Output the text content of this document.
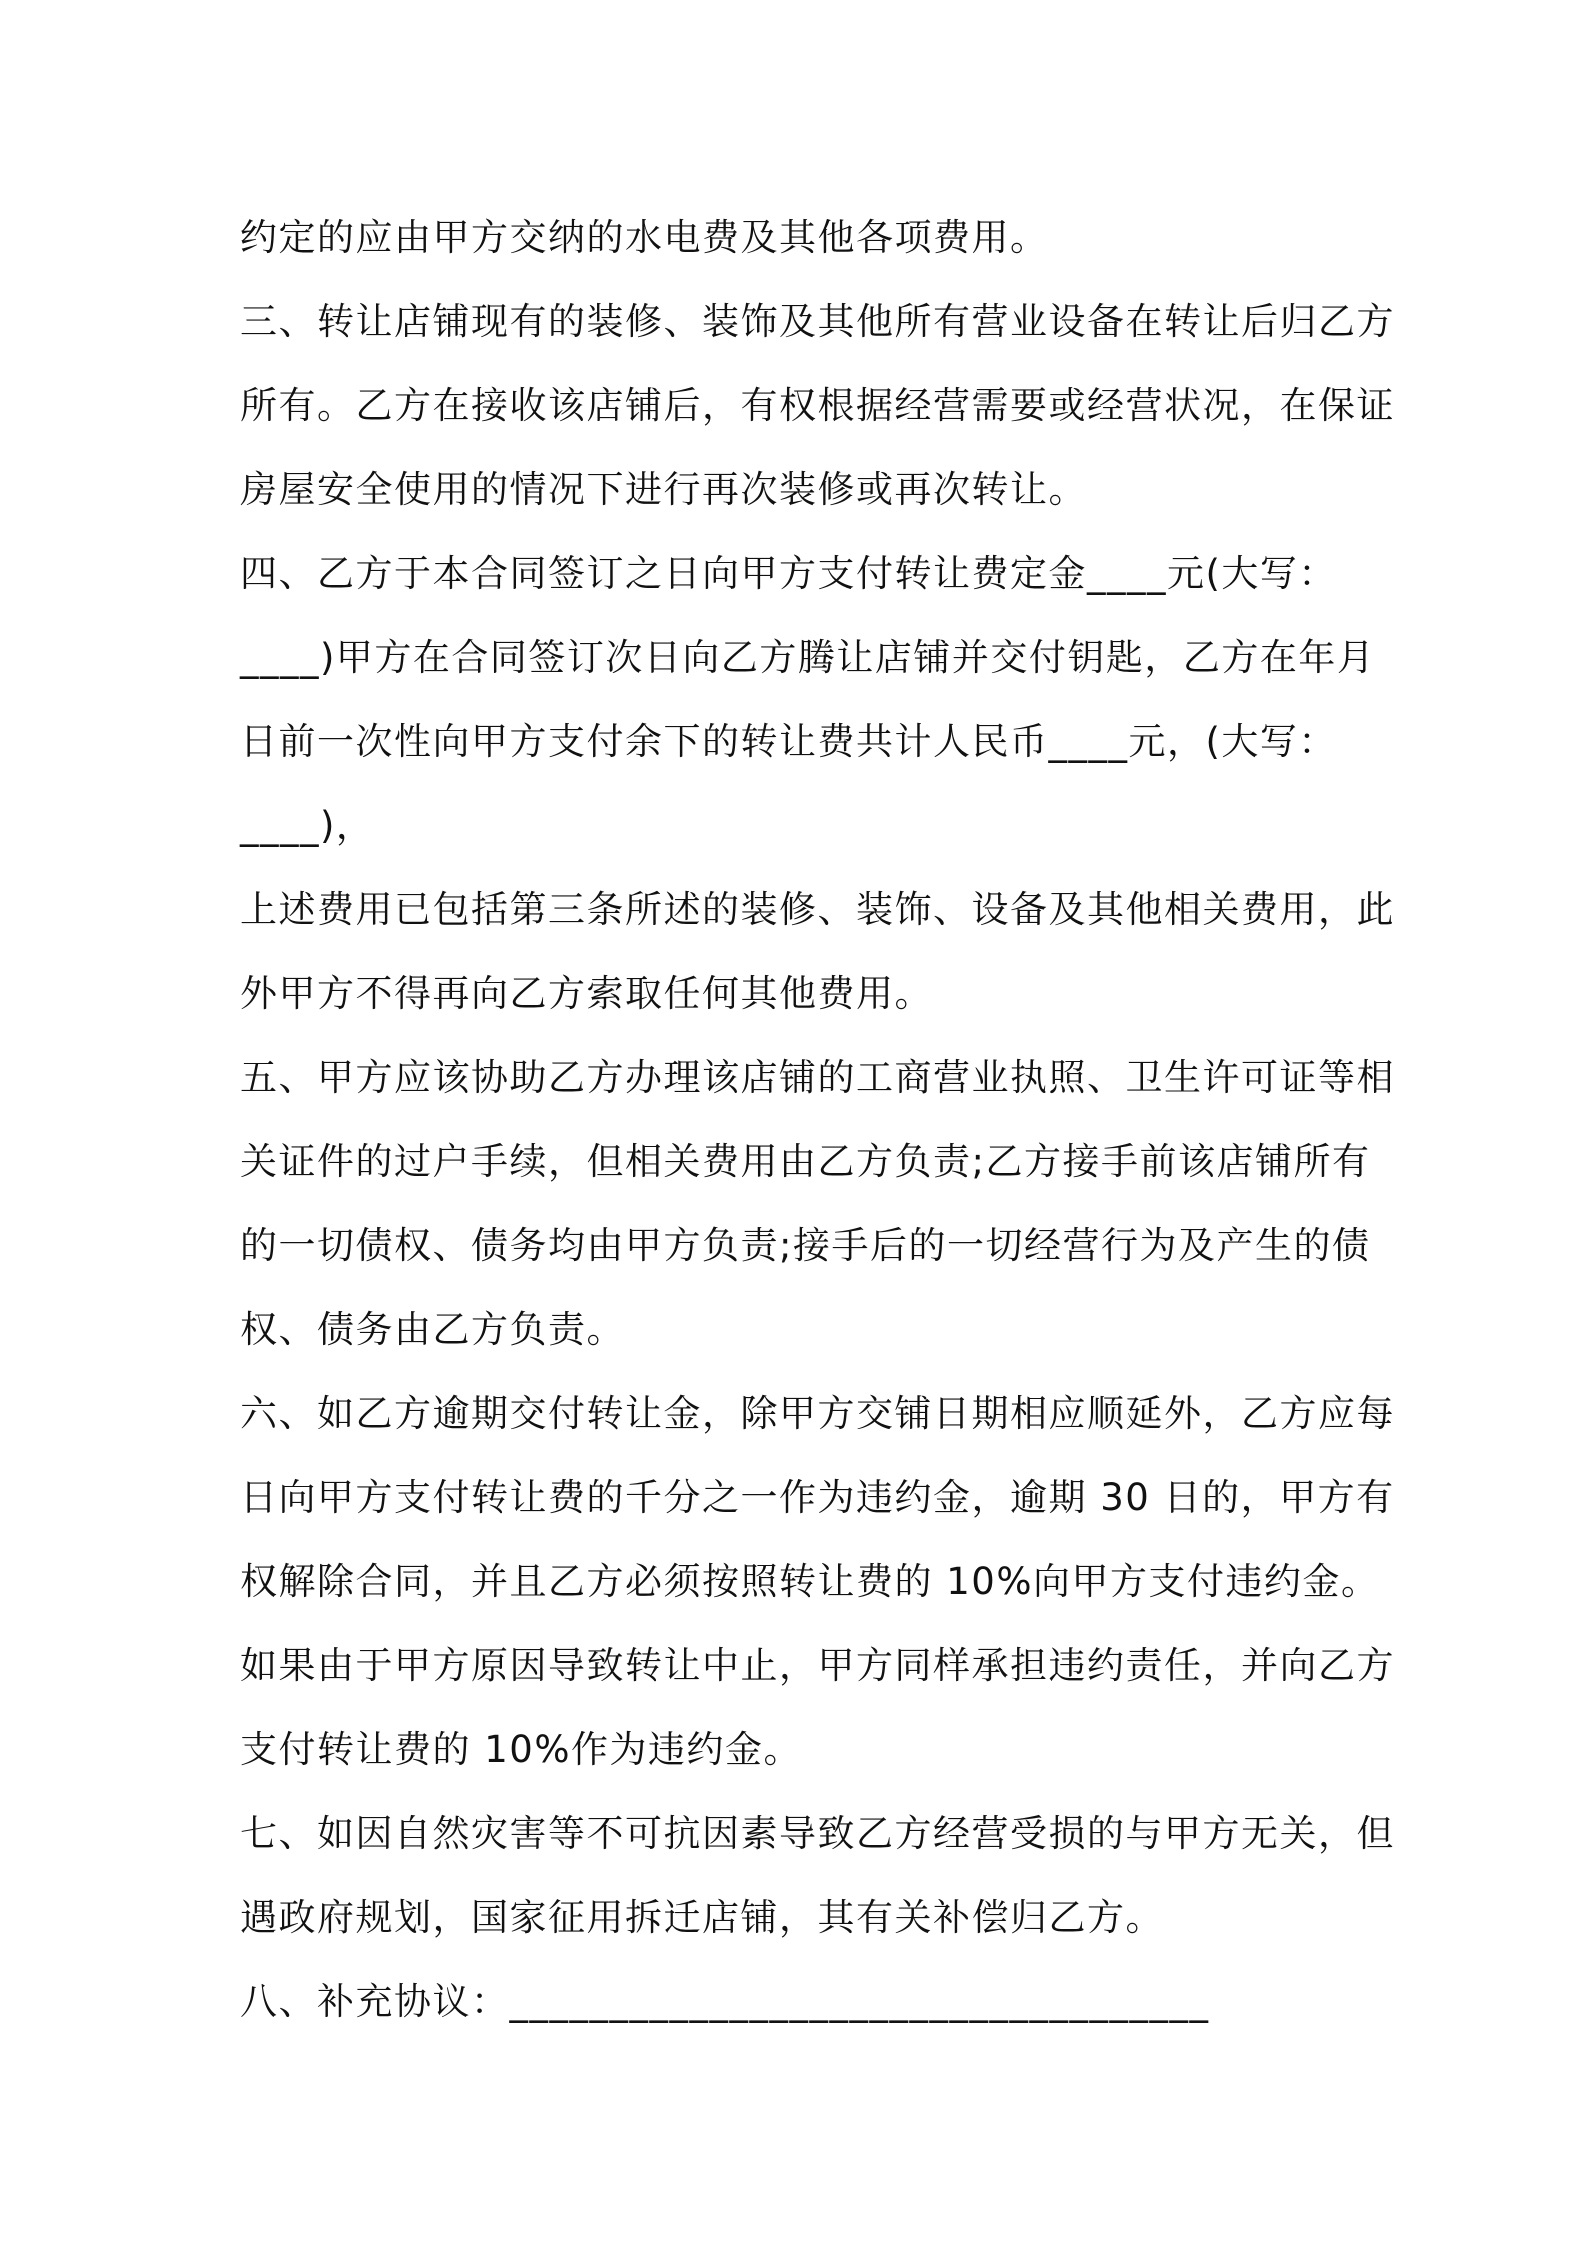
约定的应由甲方交纳的水电费及其他各项费用。
三、转让店铺现有的装修、装饰及其他所有营业设备在转让后归乙方
所有。乙方在接收该店铺后，有权根据经营需要或经营状况，在保证
房屋安全使用的情况下进行再次装修或再次转让。
四、乙方于本合同签订之日向甲方支付转让费定金____元(大写：
____)甲方在合同签订次日向乙方腾让店铺并交付钥匙，乙方在年月
日前一次性向甲方支付余下的转让费共计人民币____元，(大写：
____)，
上述费用已包括第三条所述的装修、装饰、设备及其他相关费用，此
外甲方不得再向乙方索取任何其他费用。
五、甲方应该协助乙方办理该店铺的工商营业执照、卫生许可证等相
关证件的过户手续，但相关费用由乙方负责;乙方接手前该店铺所有
的一切债权、债务均由甲方负责;接手后的一切经营行为及产生的债
权、债务由乙方负责。
六、如乙方逾期交付转让金，除甲方交铺日期相应顺延外，乙方应每
日向甲方支付转让费的千分之一作为违约金，逾期 30 日的，甲方有
权解除合同，并且乙方必须按照转让费的 10%向甲方支付违约金。
如果由于甲方原因导致转让中止，甲方同样承担违约责任，并向乙方
支付转让费的 10%作为违约金。
七、如因自然灾害等不可抗因素导致乙方经营受损的与甲方无关，但
遇政府规划，国家征用拆迁店铺，其有关补偿归乙方。
八、补充协议：___________________________________
